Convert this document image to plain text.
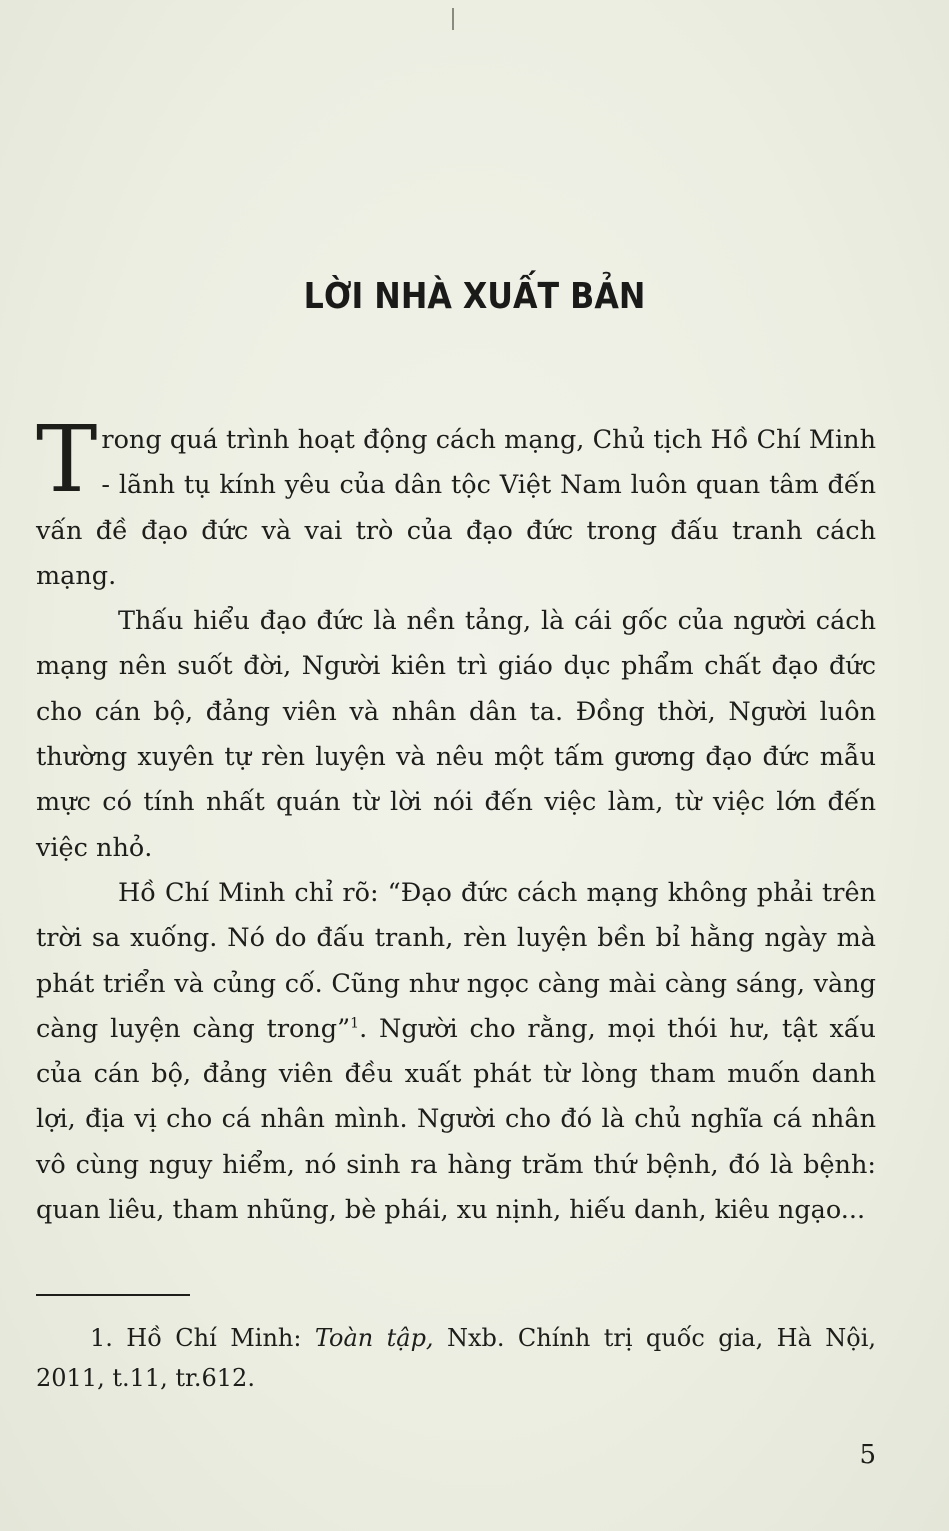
LỜI NHÀ XUẤT BẢN

Trong quá trình hoạt động cách mạng, Chủ tịch Hồ Chí Minh - lãnh tụ kính yêu của dân tộc Việt Nam luôn quan tâm đến vấn đề đạo đức và vai trò của đạo đức trong đấu tranh cách mạng.

Thấu hiểu đạo đức là nền tảng, là cái gốc của người cách mạng nên suốt đời, Người kiên trì giáo dục phẩm chất đạo đức cho cán bộ, đảng viên và nhân dân ta. Đồng thời, Người luôn thường xuyên tự rèn luyện và nêu một tấm gương đạo đức mẫu mực có tính nhất quán từ lời nói đến việc làm, từ việc lớn đến việc nhỏ.

Hồ Chí Minh chỉ rõ: “Đạo đức cách mạng không phải trên trời sa xuống. Nó do đấu tranh, rèn luyện bền bỉ hằng ngày mà phát triển và củng cố. Cũng như ngọc càng mài càng sáng, vàng càng luyện càng trong”$^1$. Người cho rằng, mọi thói hư, tật xấu của cán bộ, đảng viên đều xuất phát từ lòng tham muốn danh lợi, địa vị cho cá nhân mình. Người cho đó là chủ nghĩa cá nhân vô cùng nguy hiểm, nó sinh ra hàng trăm thứ bệnh, đó là bệnh: quan liêu, tham nhũng, bè phái, xu nịnh, hiếu danh, kiêu ngạo...

1. Hồ Chí Minh: Toàn tập, Nxb. Chính trị quốc gia, Hà Nội, 2011, t.11, tr.612.

5
